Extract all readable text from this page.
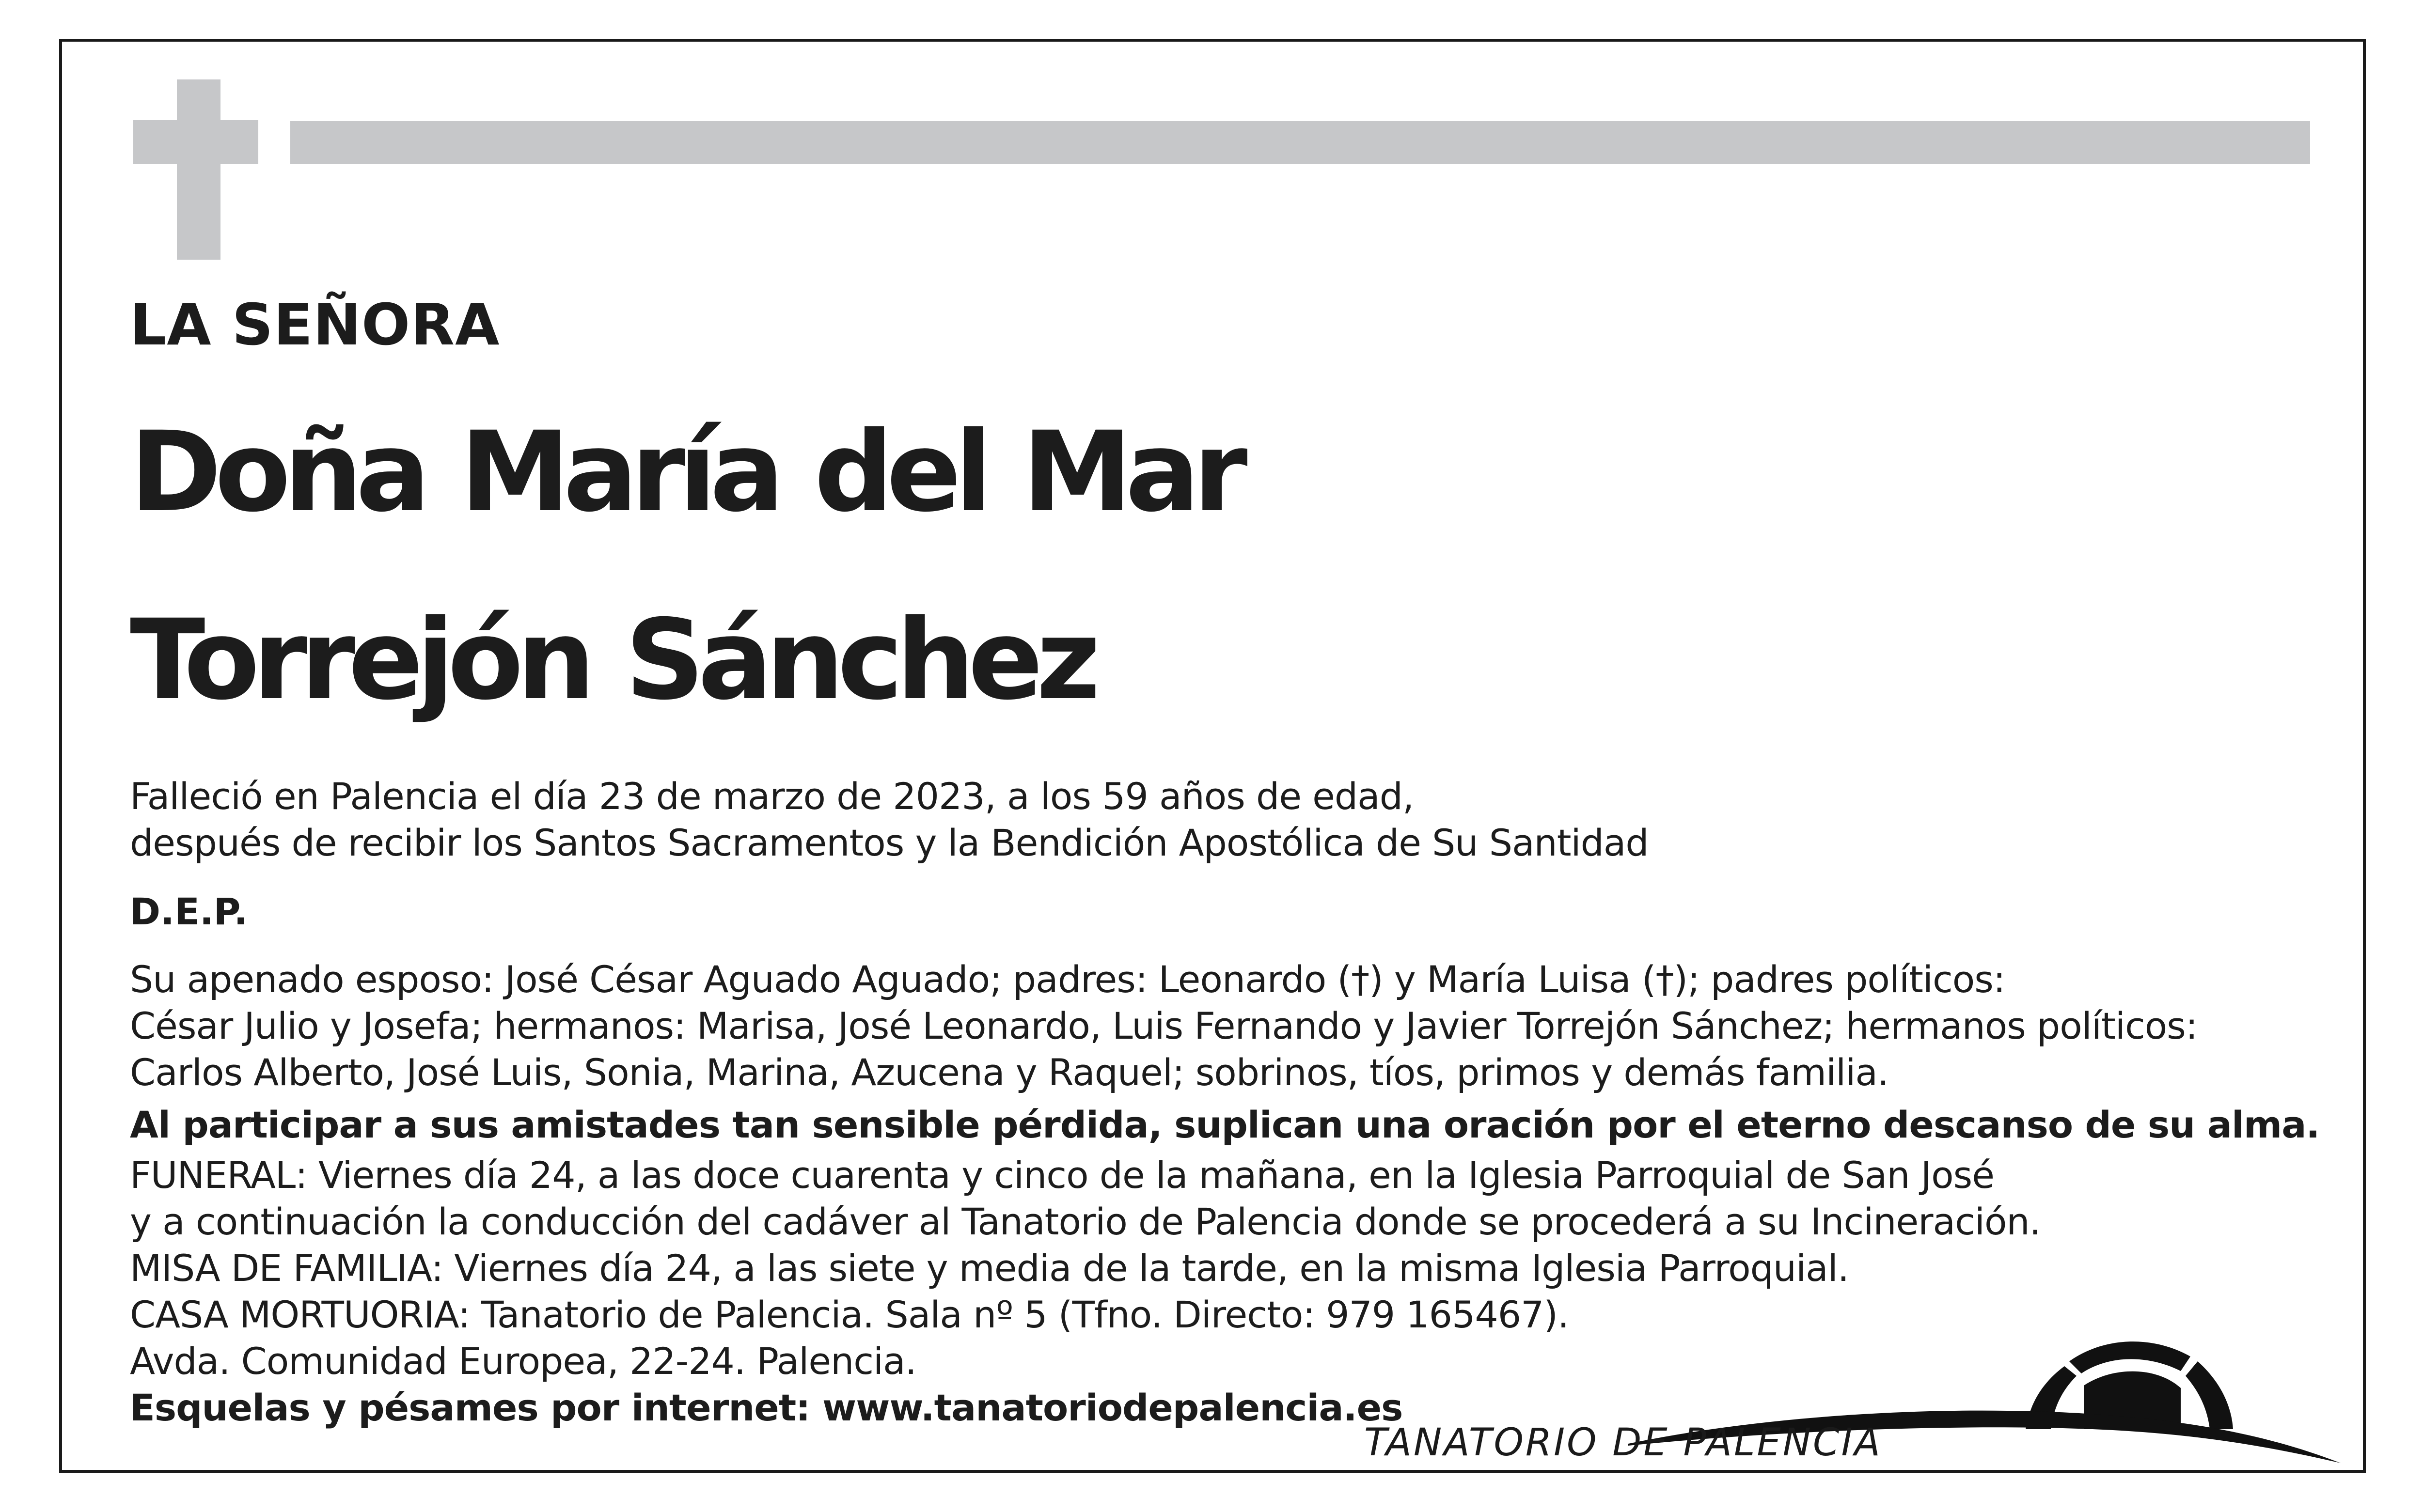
LA SEÑORA

Doña María del Mar
Torrejón Sánchez

Falleció en Palencia el día 23 de marzo de 2023, a los 59 años de edad,

después de recibir los Santos Sacramentos y la Bendición Apostólica de Su Santidad

D.E.P.

Su apenado esposo: José César Aguado Aguado; padres: Leonardo (†) y María Luisa (†); padres políticos:

César Julio y Josefa; hermanos: Marisa, José Leonardo, Luis Fernando y Javier Torrejón Sánchez; hermanos políticos:

Carlos Alberto, José Luis, Sonia, Marina, Azucena y Raquel; sobrinos, tíos, primos y demás familia.

Al participar a sus amistades tan sensible pérdida, suplican una oración por el eterno descanso de su alma.

FUNERAL: Viernes día 24, a las doce cuarenta y cinco de la mañana, en la Iglesia Parroquial de San José

y a continuación la conducción del cadáver al Tanatorio de Palencia donde se procederá a su Incineración.

MISA DE FAMILIA: Viernes día 24, a las siete y media de la tarde, en la misma Iglesia Parroquial.

CASA MORTUORIA: Tanatorio de Palencia. Sala nº 5 (Tfno. Directo: 979 165467).

Avda. Comunidad Europea, 22-24. Palencia.

Esquelas y pésames por internet: www.tanatoriodepalencia.es

TANATORIO DE PALENCIA
